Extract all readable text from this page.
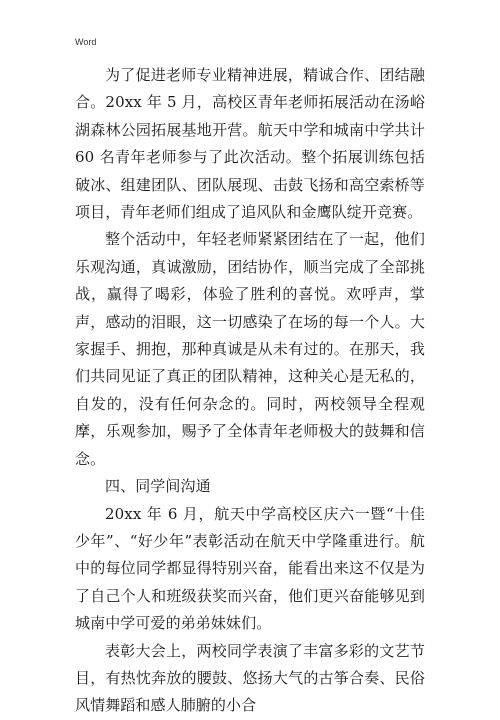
Word

为了促进老师专业精神进展，精诚合作、团结融合。20xx 年 5 月，高校区青年老师拓展活动在汤峪湖森林公园拓展基地开营。航天中学和城南中学共计 60 名青年老师参与了此次活动。整个拓展训练包括破冰、组建团队、团队展现、击鼓飞扬和高空索桥等项目，青年老师们组成了追风队和金鹰队绽开竞赛。

整个活动中，年轻老师紧紧团结在了一起，他们乐观沟通，真诚激励，团结协作，顺当完成了全部挑战，赢得了喝彩，体验了胜利的喜悦。欢呼声，掌声，感动的泪眼，这一切感染了在场的每一个人。大家握手、拥抱，那种真诚是从未有过的。在那天，我们共同见证了真正的团队精神，这种关心是无私的，自发的，没有任何杂念的。同时，两校领导全程观摩，乐观参加，赐予了全体青年老师极大的鼓舞和信念。

四、同学间沟通

20xx 年 6 月，航天中学高校区庆六一暨“十佳少年”、“好少年”表彰活动在航天中学隆重进行。航中的每位同学都显得特别兴奋，能看出来这不仅是为了自己个人和班级获奖而兴奋，他们更兴奋能够见到城南中学可爱的弟弟妹妹们。

表彰大会上，两校同学表演了丰富多彩的文艺节目，有热忱奔放的腰鼓、悠扬大气的古筝合奏、民俗风情舞蹈和感人肺腑的小合
